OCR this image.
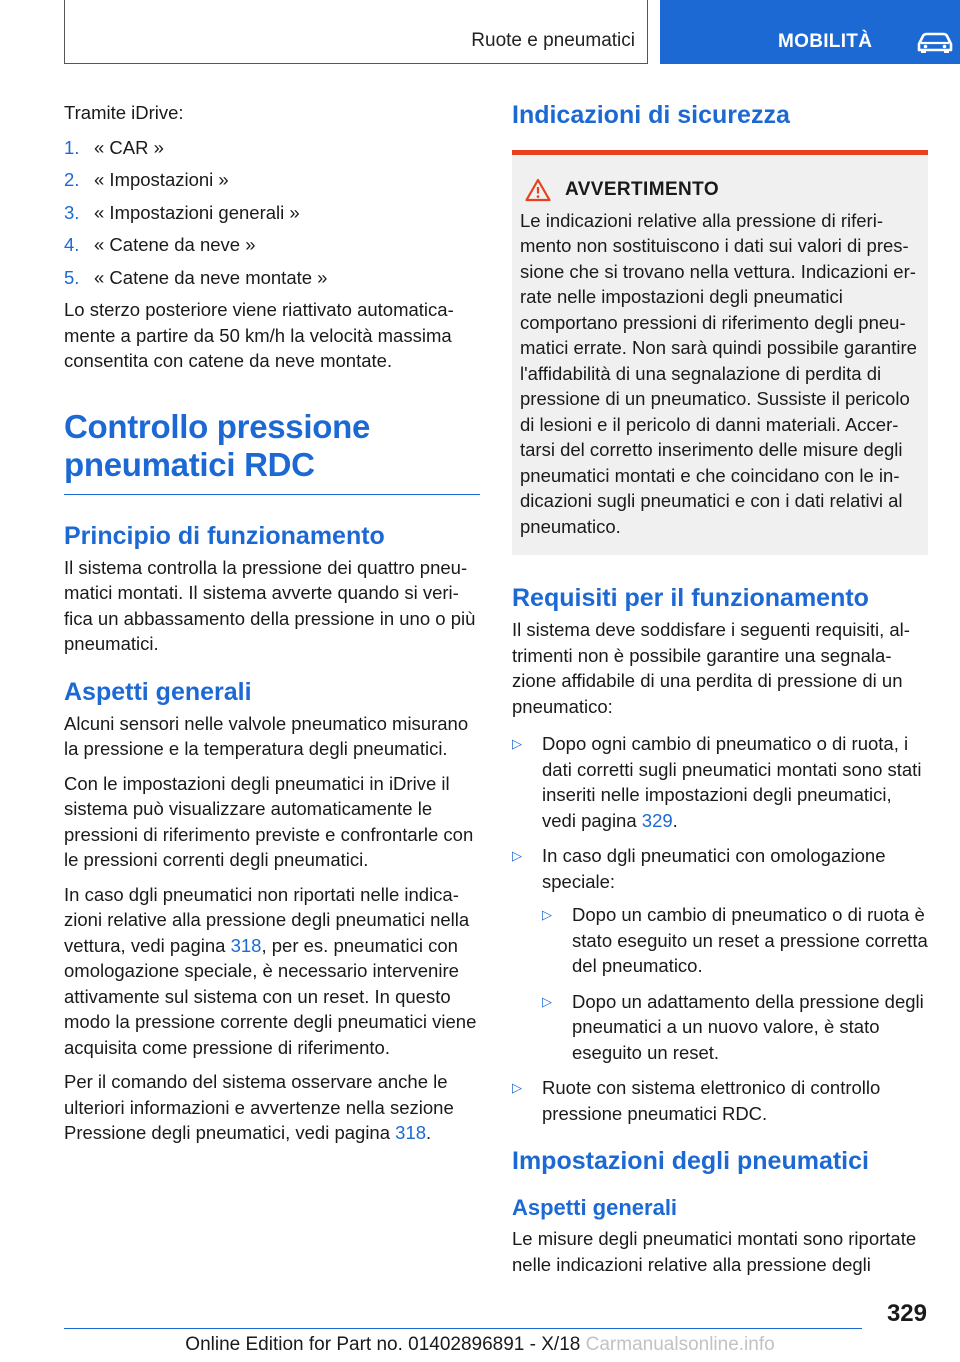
Ruote e pneumatici	MOBILITÀ

Tramite iDrive:

1. « CAR »
2. « Impostazioni »
3. « Impostazioni generali »
4. « Catene da neve »
5. « Catene da neve montate »

Lo sterzo posteriore viene riattivato automaticamente a partire da 50 km/h la velocità massima consentita con catene da neve montate.

Controllo pressione pneumatici RDC
Principio di funzionamento

Il sistema controlla la pressione dei quattro pneumatici montati. Il sistema avverte quando si verifica un abbassamento della pressione in uno o più pneumatici.

Aspetti generali

Alcuni sensori nelle valvole pneumatico misurano la pressione e la temperatura degli pneumatici.

Con le impostazioni degli pneumatici in iDrive il sistema può visualizzare automaticamente le pressioni di riferimento previste e confrontarle con le pressioni correnti degli pneumatici.

In caso dgli pneumatici non riportati nelle indicazioni relative alla pressione degli pneumatici nella vettura, vedi pagina 318, per es. pneumatici con omologazione speciale, è necessario intervenire attivamente sul sistema con un reset. In questo modo la pressione corrente degli pneumatici viene acquisita come pressione di riferimento.

Per il comando del sistema osservare anche le ulteriori informazioni e avvertenze nella sezione Pressione degli pneumatici, vedi pagina 318.

Indicazioni di sicurezza
AVVERTIMENTO

Le indicazioni relative alla pressione di riferimento non sostituiscono i dati sui valori di pressione che si trovano nella vettura. Indicazioni errate nelle impostazioni degli pneumatici comportano pressioni di riferimento degli pneumatici errate. Non sarà quindi possibile garantire l'affidabilità di una segnalazione di perdita di pressione di un pneumatico. Sussiste il pericolo di lesioni e il pericolo di danni materiali. Accertarsi del corretto inserimento delle misure degli pneumatici montati e che coincidano con le indicazioni sugli pneumatici e con i dati relativi al pneumatico.

Requisiti per il funzionamento

Il sistema deve soddisfare i seguenti requisiti, altrimenti non è possibile garantire una segnalazione affidabile di una perdita di pressione di un pneumatico:

▷ Dopo ogni cambio di pneumatico o di ruota, i dati corretti sugli pneumatici montati sono stati inseriti nelle impostazioni degli pneumatici, vedi pagina 329.
▷ In caso dgli pneumatici con omologazione speciale:
▷ Dopo un cambio di pneumatico o di ruota è stato eseguito un reset a pressione corretta del pneumatico.
▷ Dopo un adattamento della pressione degli pneumatici a un nuovo valore, è stato eseguito un reset.
▷ Ruote con sistema elettronico di controllo pressione pneumatici RDC.
Impostazioni degli pneumatici
Aspetti generali

Le misure degli pneumatici montati sono riportate nelle indicazioni relative alla pressione degli

329
Online Edition for Part no. 01402896891 - X/18 Carmanualsonline.info
